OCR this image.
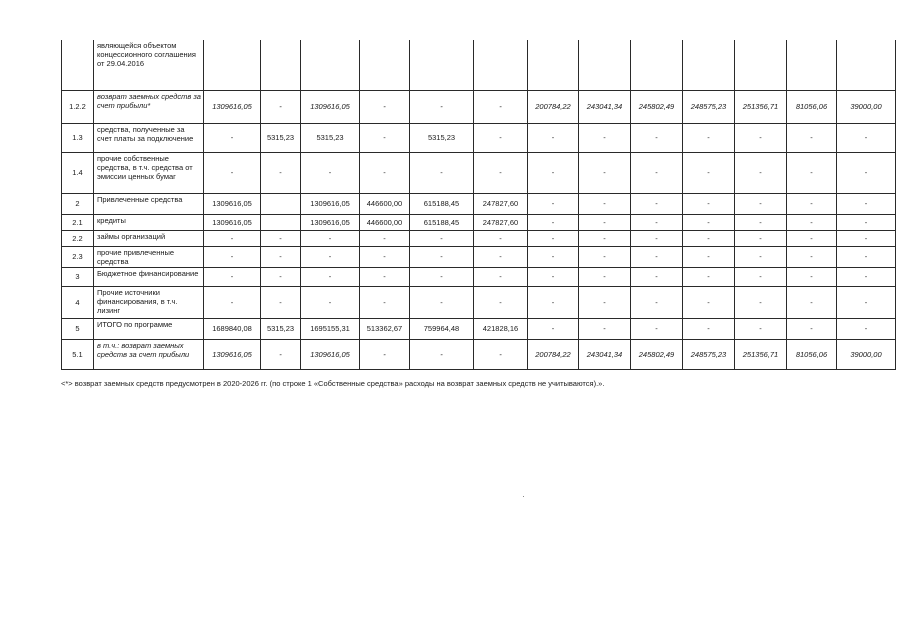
	являющейся объектом концессионного соглашения от 29.04.2016													
1.2.2	возврат заемных средств за счет прибыли*	1309616,05	-	1309616,05	-	-	-	200784,22	243041,34	245802,49	248575,23	251356,71	81056,06	39000,00
1.3	средства, полученные за счет платы за подключение	-	5315,23	5315,23	-	5315,23	-	-	-	-	-	-	-	-
1.4	прочие собственные средства, в т.ч. средства от эмиссии ценных бумаг	-	-	-	-	-	-	-	-	-	-	-	-	-
2	Привлеченные средства	1309616,05		1309616,05	446600,00	615188,45	247827,60	-	-	-	-	-	-	-
2.1	кредиты	1309616,05		1309616,05	446600,00	615188,45	247827,60	-	-	-	-	-	-	-
2.2	займы организаций	-	-	-	-	-	-	-	-	-	-	-	-	-
2.3	прочие привлеченные средства	-	-	-	-	-	-	-	-	-	-	-	-	-
3	Бюджетное финансирование	-	-	-	-	-	-	-	-	-	-	-	-	-
4	Прочие источники финансирования, в т.ч. лизинг	-	-	-	-	-	-	-	-	-	-	-	-	-
5	ИТОГО по программе	1689840,08	5315,23	1695155,31	513362,67	759964,48	421828,16	-	-	-	-	-	-	-
5.1	в т.ч.: возврат заемных средств за счет прибыли	1309616,05	-	1309616,05	-	-	-	200784,22	243041,34	245802,49	248575,23	251356,71	81056,06	39000,00
<*> возврат заемных средств предусмотрен в 2020-2026 гг. (по строке 1 «Собственные средства» расходы на возврат заемных средств не учитываются).».
